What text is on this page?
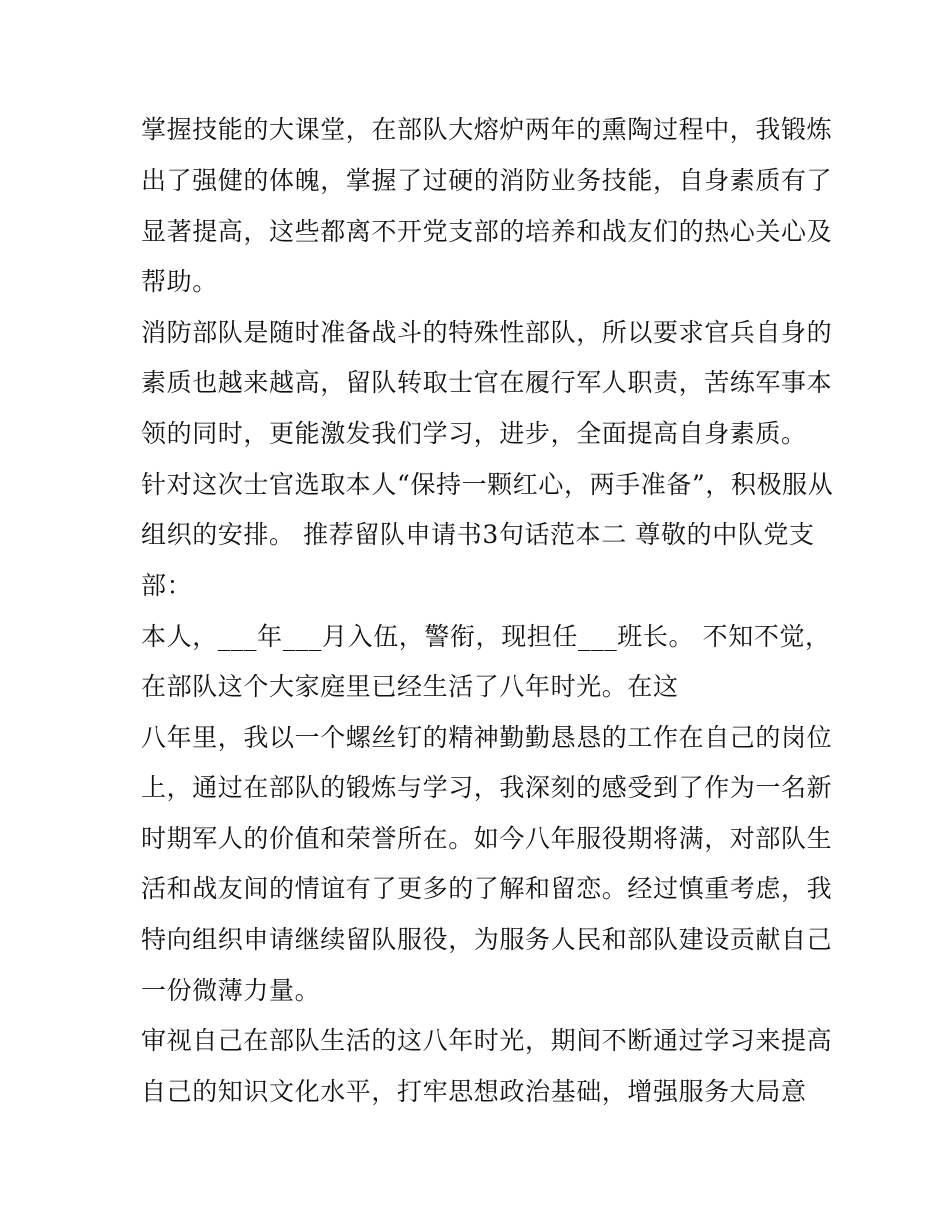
掌握技能的大课堂，在部队大熔炉两年的熏陶过程中，我锻炼
出了强健的体魄，掌握了过硬的消防业务技能，自身素质有了
显著提高，这些都离不开党支部的培养和战友们的热心关心及
帮助。
消防部队是随时准备战斗的特殊性部队，所以要求官兵自身的
素质也越来越高，留队转取士官在履行军人职责，苦练军事本
领的同时，更能激发我们学习，进步，全面提高自身素质。
针对这次士官选取本人“保持一颗红心，两手准备”，积极服从
组织的安排。 推荐留队申请书3句话范本二 尊敬的中队党支
部：
本人，___年___月入伍，警衔，现担任___班长。 不知不觉，
在部队这个大家庭里已经生活了八年时光。在这
八年里，我以一个螺丝钉的精神勤勤恳恳的工作在自己的岗位
上，通过在部队的锻炼与学习，我深刻的感受到了作为一名新
时期军人的价值和荣誉所在。如今八年服役期将满，对部队生
活和战友间的情谊有了更多的了解和留恋。经过慎重考虑，我
特向组织申请继续留队服役，为服务人民和部队建设贡献自己
一份微薄力量。
审视自己在部队生活的这八年时光，期间不断通过学习来提高
自己的知识文化水平，打牢思想政治基础，增强服务大局意
